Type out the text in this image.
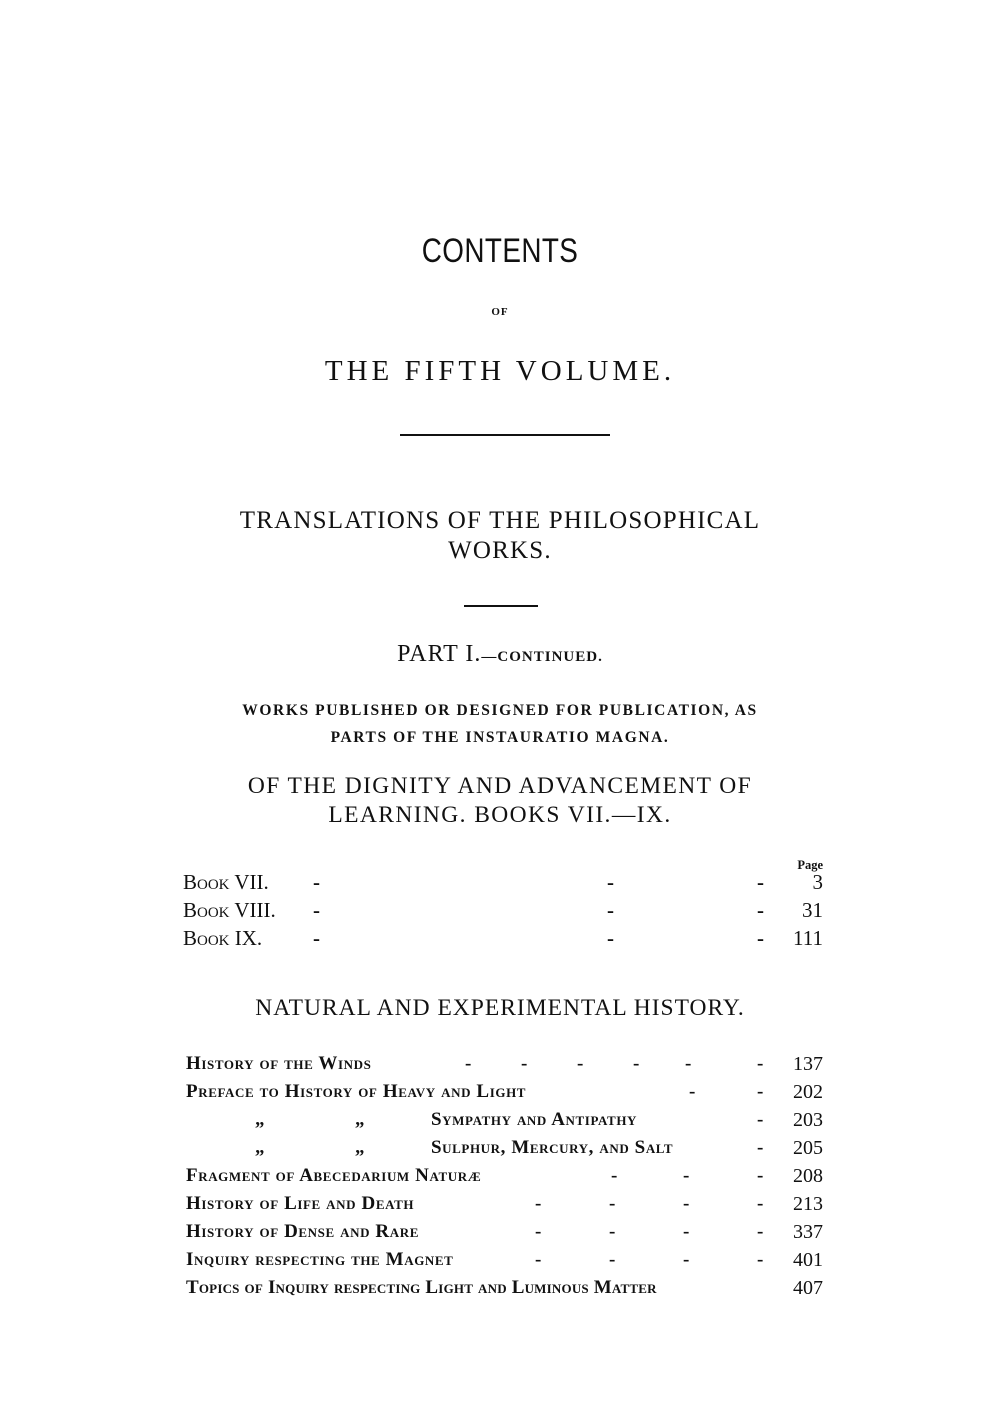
CONTENTS
OF
THE FIFTH VOLUME.
TRANSLATIONS OF THE PHILOSOPHICAL
WORKS.
PART I.—CONTINUED.
WORKS PUBLISHED OR DESIGNED FOR PUBLICATION, AS
PARTS OF THE INSTAURATIO MAGNA.
OF THE DIGNITY AND ADVANCEMENT OF
LEARNING. BOOKS VII.—IX.
Page
Book VII. -	-	- 3
Book VIII. -	-	- 31
Book IX. -	-	- 111
NATURAL AND EXPERIMENTAL HISTORY.
History of the Winds	-	-	-	- -	- 137
Preface to History of Heavy and Light	-	- 202
„	„	Sympathy and Antipathy	- 203
„	„	Sulphur, Mercury, and Salt	- 205
Fragment of Abecedarium Naturæ	-	-	- 208
History of Life and Death	-	-	-	- 213
History of Dense and Rare	-	-	-	- 337
Inquiry respecting the Magnet	-	-	-	- 401
Topics of Inquiry respecting Light and Luminous Matter	407
